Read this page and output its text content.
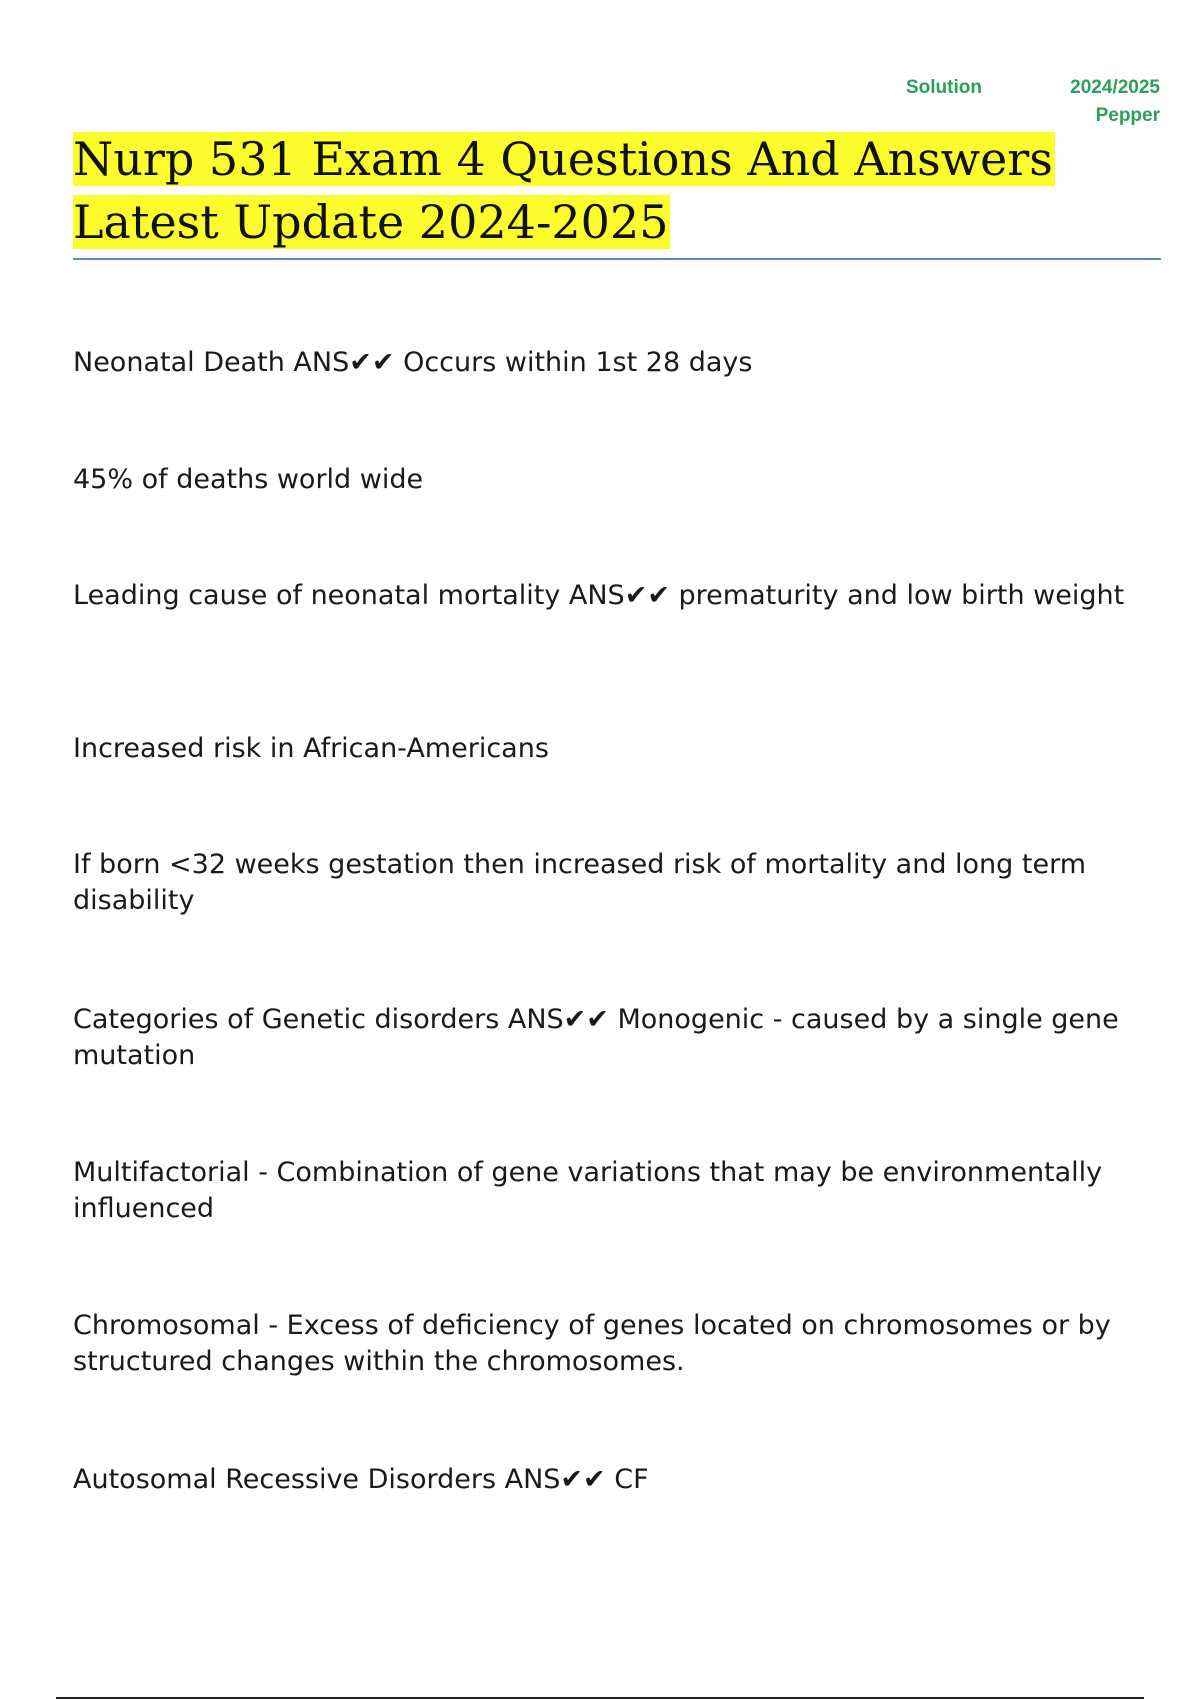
Solution	2024/2025
Pepper
Nurp 531 Exam 4 Questions And Answers
Latest Update 2024-2025

Neonatal Death ANS✔✔ Occurs within 1st 28 days

45% of deaths world wide

Leading cause of neonatal mortality ANS✔✔ prematurity and low birth weight

Increased risk in African-Americans

If born <32 weeks gestation then increased risk of mortality and long term disability

Categories of Genetic disorders ANS✔✔ Monogenic - caused by a single gene mutation

Multifactorial - Combination of gene variations that may be environmentally influenced

Chromosomal - Excess of deficiency of genes located on chromosomes or by structured changes within the chromosomes.

Autosomal Recessive Disorders ANS✔✔ CF
